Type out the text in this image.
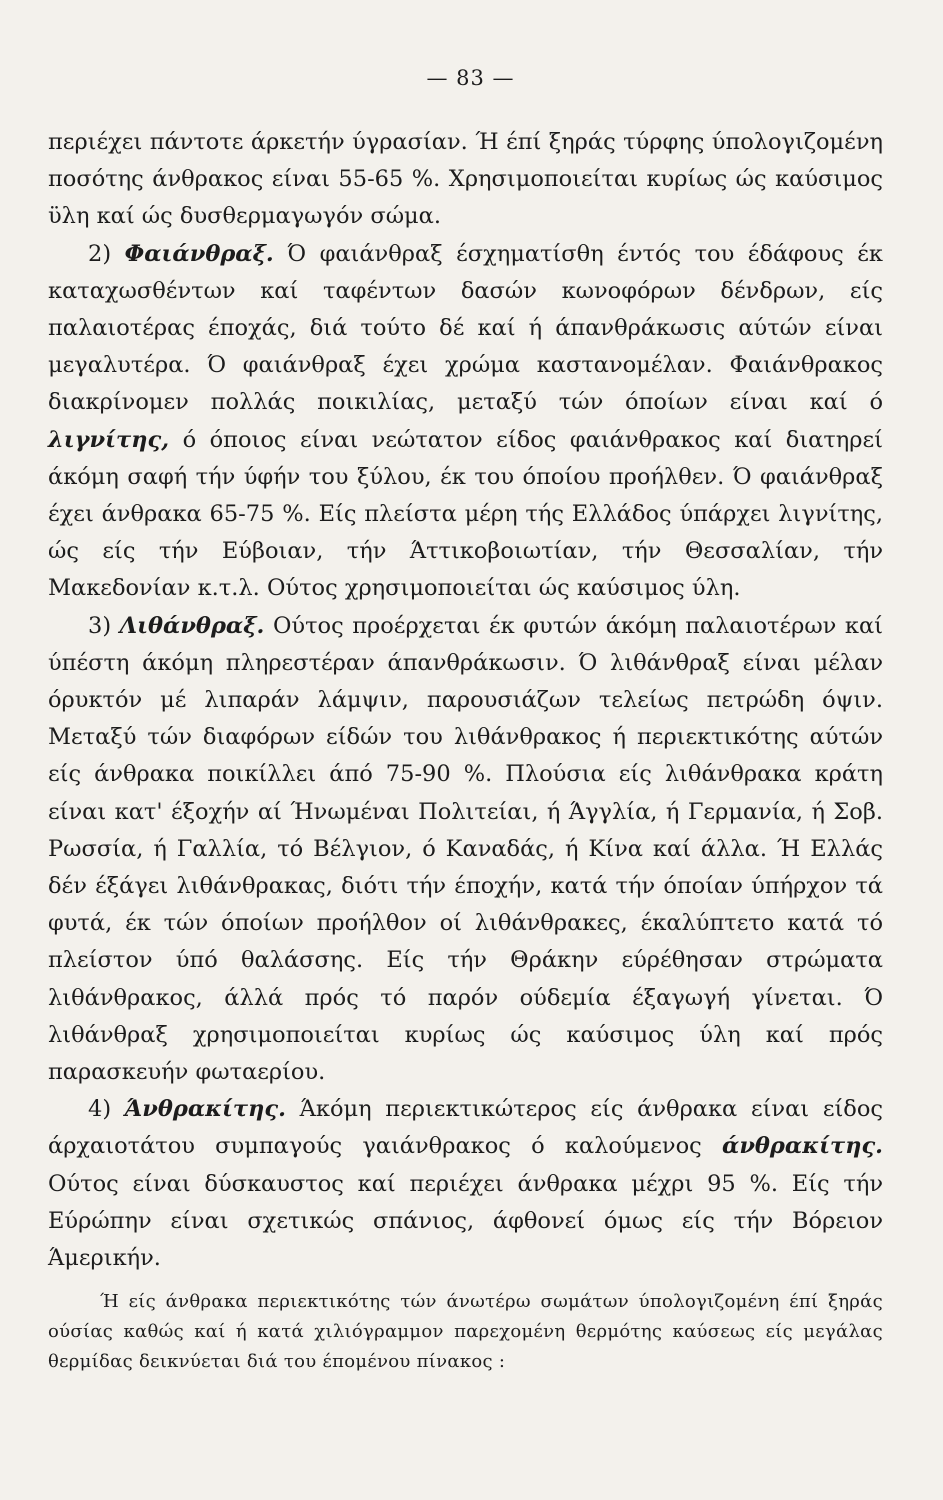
— 83 —

περιέχει πάντοτε άρκετήν ύγρασίαν. Ή έπί ξηράς τύρφης ύπολογιζομένη ποσότης άνθρακος είναι 55-65 %. Χρησιμοποιείται κυρίως ώς καύσιμος ϋλη καί ώς δυσθερμαγωγόν σώμα.

2) Φαιάνθραξ. Ό φαιάνθραξ έσχηματίσθη έντός του έδάφους έκ καταχωσθέντων καί ταφέντων δασών κωνοφόρων δένδρων, είς παλαιοτέρας έποχάς, διά τούτο δέ καί ή άπανθράκωσις αύτών είναι μεγαλυτέρα. Ό φαιάνθραξ έχει χρώμα καστανομέλαν. Φαιάνθρακος διακρίνομεν πολλάς ποικιλίας, μεταξύ τών όποίων είναι καί ό λιγνίτης, ό όποιος είναι νεώτατον είδος φαιάνθρακος καί διατηρεί άκόμη σαφή τήν ύφήν του ξύλου, έκ του όποίου προήλθεν. Ό φαιάνθραξ έχει άνθρακα 65-75 %. Είς πλείστα μέρη τής Ελλάδος ύπάρχει λιγνίτης, ώς είς τήν Εύβοιαν, τήν Άττικοβοιωτίαν, τήν Θεσσαλίαν, τήν Μακεδονίαν κ.τ.λ. Ούτος χρησιμοποιείται ώς καύσιμος ύλη.

3) Λιθάνθραξ. Ούτος προέρχεται έκ φυτών άκόμη παλαιοτέρων καί ύπέστη άκόμη πληρεστέραν άπανθράκωσιν. Ό λιθάνθραξ είναι μέλαν όρυκτόν μέ λιπαράν λάμψιν, παρουσιάζων τελείως πετρώδη όψιν. Μεταξύ τών διαφόρων είδών του λιθάνθρακος ή περιεκτικότης αύτών είς άνθρακα ποικίλλει άπό 75-90 %. Πλούσια είς λιθάνθρακα κράτη είναι κατ' έξοχήν αί Ήνωμέναι Πολιτείαι, ή Άγγλία, ή Γερμανία, ή Σοβ. Ρωσσία, ή Γαλλία, τό Βέλγιον, ό Καναδάς, ή Κίνα καί άλλα. Ή Ελλάς δέν έξάγει λιθάνθρακας, διότι τήν έποχήν, κατά τήν όποίαν ύπήρχον τά φυτά, έκ τών όποίων προήλθον οί λιθάνθρακες, έκαλύπτετο κατά τό πλείστον ύπό θαλάσσης. Είς τήν Θράκην εύρέθησαν στρώματα λιθάνθρακος, άλλά πρός τό παρόν ούδεμία έξαγωγή γίνεται. Ό λιθάνθραξ χρησιμοποιείται κυρίως ώς καύσιμος ύλη καί πρός παρασκευήν φωταερίου.

4) Άνθρακίτης. Άκόμη περιεκτικώτερος είς άνθρακα είναι είδος άρχαιοτάτου συμπαγούς γαιάνθρακος ό καλούμενος άνθρακίτης. Ούτος είναι δύσκαυστος καί περιέχει άνθρακα μέχρι 95 %. Είς τήν Εύρώπην είναι σχετικώς σπάνιος, άφθονεί όμως είς τήν Βόρειον Άμερικήν.

Ή είς άνθρακα περιεκτικότης τών άνωτέρω σωμάτων ύπολογιζομένη έπί ξηράς ούσίας καθώς καί ή κατά χιλιόγραμμον παρεχομένη θερμότης καύσεως είς μεγάλας θερμίδας δεικνύεται διά του έπομένου πίνακος :
